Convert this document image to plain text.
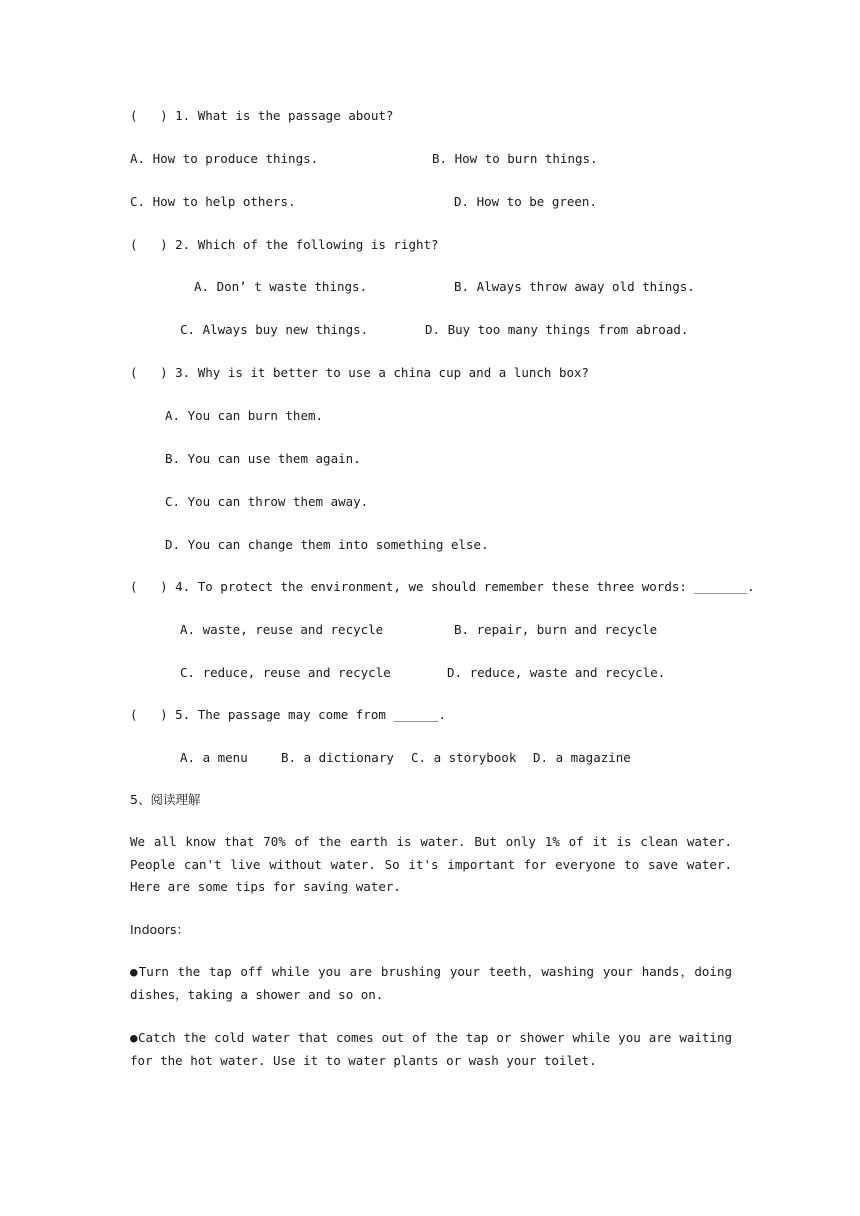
(   ) 1. What is the passage about?
A. How to produce things.	B. How to burn things.
C. How to help others.	D. How to be green.
(   ) 2. Which of the following is right?
A. Don’ t waste things.	B. Always throw away old things.
C. Always buy new things.	D. Buy too many things from abroad.
(   ) 3. Why is it better to use a china cup and a lunch box?
A. You can burn them.
B. You can use them again.
C. You can throw them away.
D. You can change them into something else.
(   ) 4. To protect the environment, we should remember these three words: _______.
A. waste, reuse and recycle	B. repair, burn and recycle
C. reduce, reuse and recycle	D. reduce, waste and recycle.
(   ) 5. The passage may come from ______.
A. a menu	B. a dictionary C. a storybook D. a magazine
5、阅读理解
We all know that 70% of the earth is water. But only 1% of it is clean water. People can't live without water. So it's important for everyone to save water. Here are some tips for saving water.
Indoors：
●Turn the tap off while you are brushing your teeth，washing your hands，doing dishes，taking a shower and so on.
●Catch the cold water that comes out of the tap or shower while you are waiting for the hot water. Use it to water plants or wash your toilet.
